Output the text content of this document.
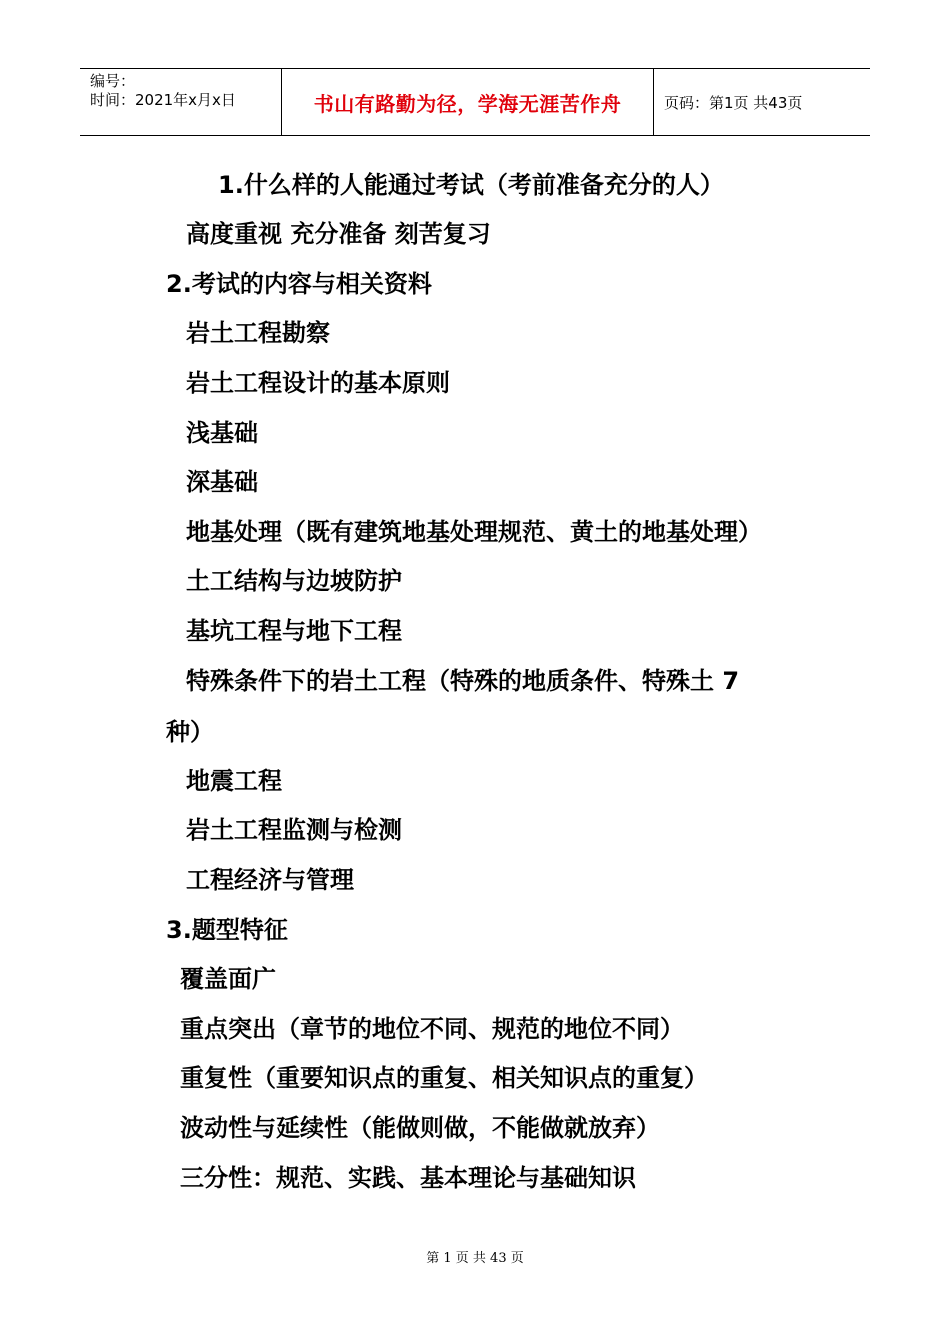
编号：
时间：2021年x月x日	书山有路勤为径，学海无涯苦作舟	页码：第1页 共43页
1.什么样的人能通过考试（考前准备充分的人）
高度重视 充分准备 刻苦复习
2.考试的内容与相关资料
岩土工程勘察
岩土工程设计的基本原则
浅基础
深基础
地基处理（既有建筑地基处理规范、黄土的地基处理）
土工结构与边坡防护
基坑工程与地下工程
特殊条件下的岩土工程（特殊的地质条件、特殊土 7
种）
地震工程
岩土工程监测与检测
工程经济与管理
3.题型特征
覆盖面广
重点突出（章节的地位不同、规范的地位不同）
重复性（重要知识点的重复、相关知识点的重复）
波动性与延续性（能做则做，不能做就放弃）
三分性：规范、实践、基本理论与基础知识
第 1 页 共 43 页
